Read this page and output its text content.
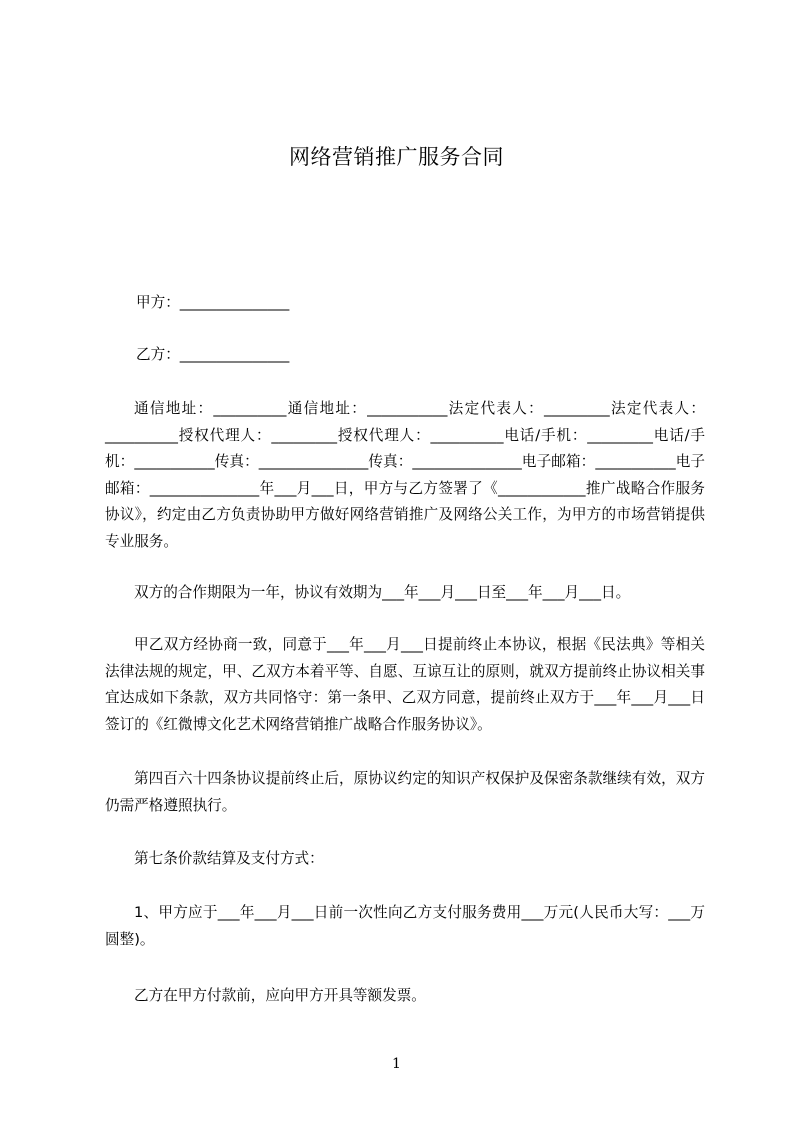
网络营销推广服务合同

甲方：_______________

乙方：_______________

通信地址：__________通信地址：___________法定代表人：_________法定代表人：__________授权代理人：_________授权代理人：__________电话/手机：_________电话/手机：___________传真：_______________传真：_______________电子邮箱：___________电子邮箱：_______________年___月___日，甲方与乙方签署了《____________推广战略合作服务协议》，约定由乙方负责协助甲方做好网络营销推广及网络公关工作，为甲方的市场营销提供专业服务。

双方的合作期限为一年，协议有效期为___年___月___日至___年___月___日。

甲乙双方经协商一致，同意于___年___月___日提前终止本协议，根据《民法典》等相关法律法规的规定，甲、乙双方本着平等、自愿、互谅互让的原则，就双方提前终止协议相关事宜达成如下条款，双方共同恪守：第一条甲、乙双方同意，提前终止双方于___年___月___日签订的《红微博文化艺术网络营销推广战略合作服务协议》。

第四百六十四条协议提前终止后，原协议约定的知识产权保护及保密条款继续有效，双方仍需严格遵照执行。

第七条价款结算及支付方式：

1、甲方应于___年___月___日前一次性向乙方支付服务费用___万元(人民币大写：___万圆整)。

乙方在甲方付款前，应向甲方开具等额发票。

1
